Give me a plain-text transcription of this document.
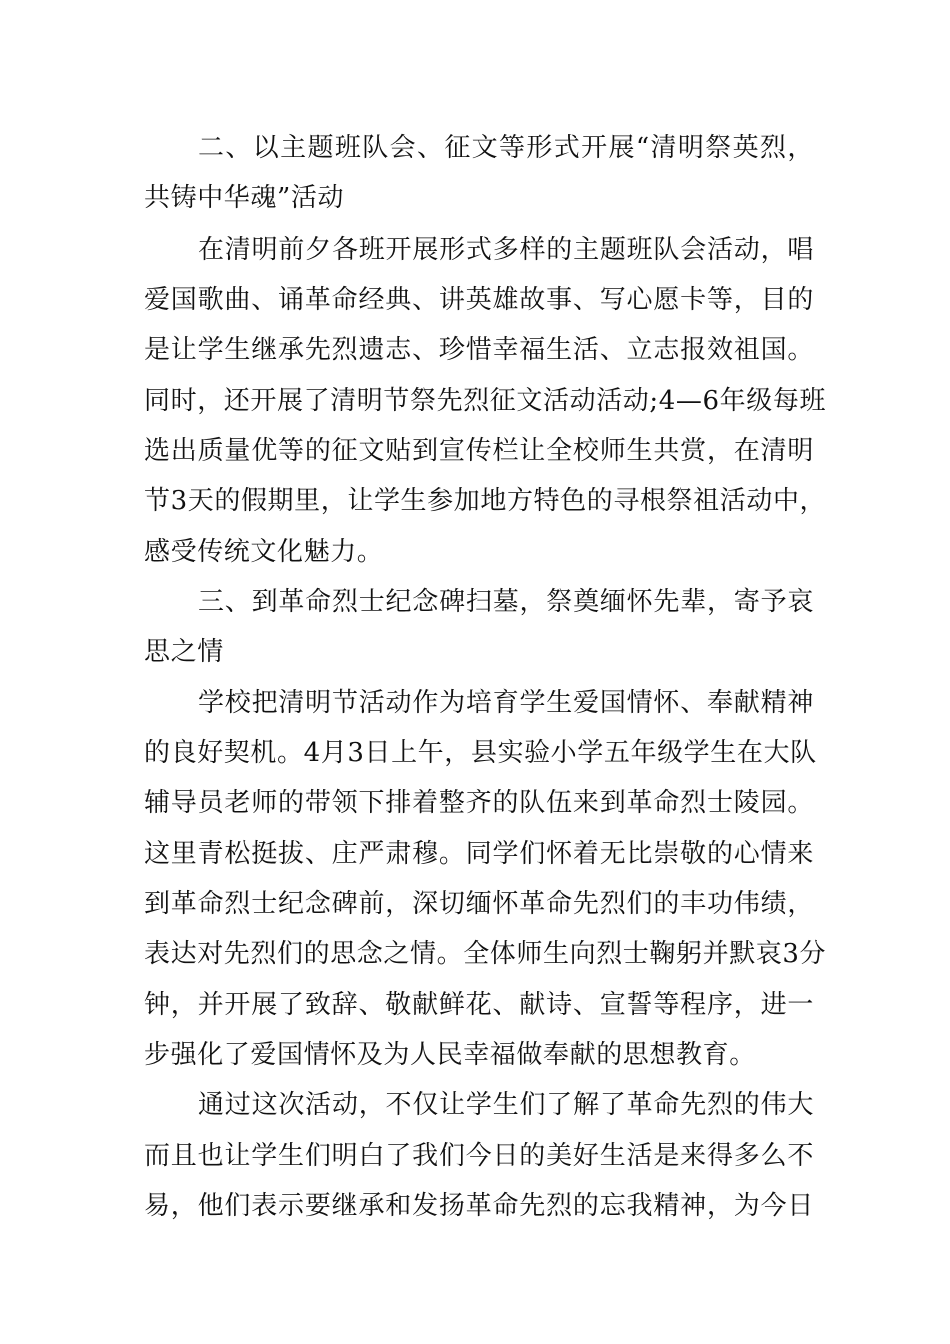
二、以主题班队会、征文等形式开展“清明祭英烈，
共铸中华魂”活动
在清明前夕各班开展形式多样的主题班队会活动，唱
爱国歌曲、诵革命经典、讲英雄故事、写心愿卡等，目的
是让学生继承先烈遗志、珍惜幸福生活、立志报效祖国。
同时，还开展了清明节祭先烈征文活动活动;4—6年级每班
选出质量优等的征文贴到宣传栏让全校师生共赏，在清明
节3天的假期里，让学生参加地方特色的寻根祭祖活动中，
感受传统文化魅力。
三、到革命烈士纪念碑扫墓，祭奠缅怀先辈，寄予哀
思之情
学校把清明节活动作为培育学生爱国情怀、奉献精神
的良好契机。4月3日上午，县实验小学五年级学生在大队
辅导员老师的带领下排着整齐的队伍来到革命烈士陵园。
这里青松挺拔、庄严肃穆。同学们怀着无比崇敬的心情来
到革命烈士纪念碑前，深切缅怀革命先烈们的丰功伟绩，
表达对先烈们的思念之情。全体师生向烈士鞠躬并默哀3分
钟，并开展了致辞、敬献鲜花、献诗、宣誓等程序，进一
步强化了爱国情怀及为人民幸福做奉献的思想教育。
通过这次活动，不仅让学生们了解了革命先烈的伟大
而且也让学生们明白了我们今日的美好生活是来得多么不
易，他们表示要继承和发扬革命先烈的忘我精神，为今日
